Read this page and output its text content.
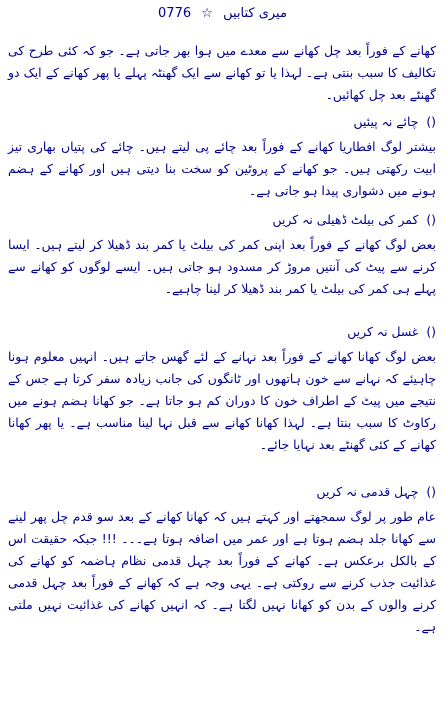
میری کتابیں ☆ 0776
کھانے کے فوراً بعد چل کھانے سے معدے میں ہوا بھر جاتی ہے۔ جو کہ کئی طرح کی تکالیف کا سبب بنتی ہے۔ لہذا یا تو کھانے سے ایک گھنٹہ پہلے یا پھر کھانے کے ایک دو گھنٹے بعد چل کھائیں۔
() چائے نہ پیئیں
بیشتر لوگ افطاریا کھانے کے فوراً بعد چائے پی لیتے ہیں۔ چائے کی پتیاں بھاری تیز ابیت رکھتی ہیں۔ جو کھانے کے پروٹین کو سخت بنا دیتی ہیں اور کھانے کے ہضم ہونے میں دشواری پیدا ہو جاتی ہے۔
() کمر کی بیلٹ ڈھیلی نہ کریں
بعض لوگ کھانے کے فوراً بعد اپنی کمر کی بیلٹ یا کمر بند ڈھیلا کر لیتے ہیں۔ ایسا کرنے سے پیٹ کی آنتیں مروڑ کر مسدود ہو جاتی ہیں۔ ایسے لوگوں کو کھانے سے پہلے ہی کمر کی بیلٹ یا کمر بند ڈھیلا کر لینا چاہیے۔
() غسل نہ کریں
بعض لوگ کھانا کھانے کے فوراً بعد نہانے کے لئے گھس جاتے ہیں۔ انہیں معلوم ہونا چاہیئے کہ نہانے سے خون ہاتھوں اور ٹانگوں کی جانب زیادہ سفر کرتا ہے جس کے نتیجے میں پیٹ کے اطراف خون کا دوران کم ہو جاتا ہے۔ جو کھانا ہضم ہونے میں رکاوٹ کا سبب بنتا ہے۔ لہذا کھانا کھانے سے قبل نہا لینا مناسب ہے۔ یا پھر کھانا کھانے کے کئی گھنٹے بعد نہایا جائے۔
() چہل قدمی نہ کریں
عام طور پر لوگ سمجھتے اور کہتے ہیں کہ کھانا کھانے کے بعد سو قدم چل پھر لینے سے کھانا جلد ہضم ہوتا ہے اور عمر میں اضافہ ہوتا ہے۔۔۔ !!! جبکہ حقیقت اس کے بالکل برعکس ہے۔ کھانے کے فوراً بعد چہل قدمی نظام ہاضمہ کو کھانے کی غذائیت جذب کرنے سے روکتی ہے۔ یہی وجہ ہے کہ کھانے کے فوراً بعد چہل قدمی کرنے والوں کے بدن کو کھانا نہیں لگتا ہے۔ کہ انہیں کھانے کی غذائیت نہیں ملتی ہے۔
